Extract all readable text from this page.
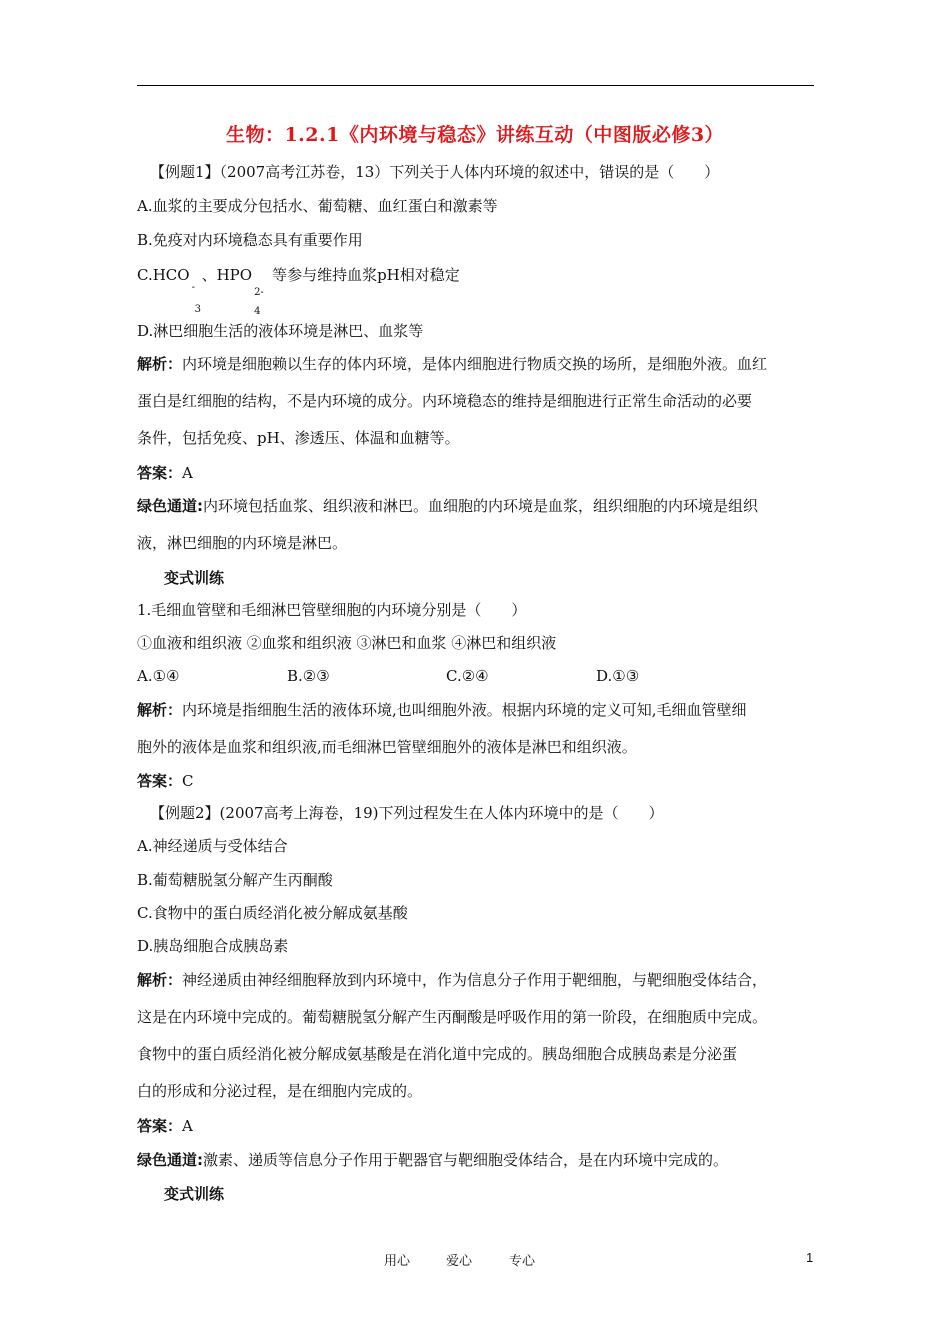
生物：1.2.1《内环境与稳态》讲练互动（中图版必修3）
【例题1】（2007高考江苏卷，13）下列关于人体内环境的叙述中，错误的是（　　）
A.血浆的主要成分包括水、葡萄糖、血红蛋白和激素等
B.免疫对内环境稳态具有重要作用
C.HCO
-
3
、HPO
2-
4
等参与维持血浆pH相对稳定
D.淋巴细胞生活的液体环境是淋巴、血浆等
解析：内环境是细胞赖以生存的体内环境，是体内细胞进行物质交换的场所，是细胞外液。血红
蛋白是红细胞的结构，不是内环境的成分。内环境稳态的维持是细胞进行正常生命活动的必要
条件，包括免疫、pH、渗透压、体温和血糖等。
答案：A
绿色通道:内环境包括血浆、组织液和淋巴。血细胞的内环境是血浆，组织细胞的内环境是组织
液，淋巴细胞的内环境是淋巴。
变式训练
1.毛细血管壁和毛细淋巴管壁细胞的内环境分别是（　　）
①血液和组织液 ②血浆和组织液 ③淋巴和血浆 ④淋巴和组织液
A.①④	B.②③	C.②④	D.①③
解析：内环境是指细胞生活的液体环境,也叫细胞外液。根据内环境的定义可知,毛细血管壁细
胞外的液体是血浆和组织液,而毛细淋巴管壁细胞外的液体是淋巴和组织液。
答案：C
【例题2】(2007高考上海卷，19)下列过程发生在人体内环境中的是（　　）
A.神经递质与受体结合
B.葡萄糖脱氢分解产生丙酮酸
C.食物中的蛋白质经消化被分解成氨基酸
D.胰岛细胞合成胰岛素
解析：神经递质由神经细胞释放到内环境中，作为信息分子作用于靶细胞，与靶细胞受体结合，
这是在内环境中完成的。葡萄糖脱氢分解产生丙酮酸是呼吸作用的第一阶段，在细胞质中完成。
食物中的蛋白质经消化被分解成氨基酸是在消化道中完成的。胰岛细胞合成胰岛素是分泌蛋
白的形成和分泌过程，是在细胞内完成的。
答案：A
绿色通道:激素、递质等信息分子作用于靶器官与靶细胞受体结合，是在内环境中完成的。
变式训练
用心	爱心	专心	1
